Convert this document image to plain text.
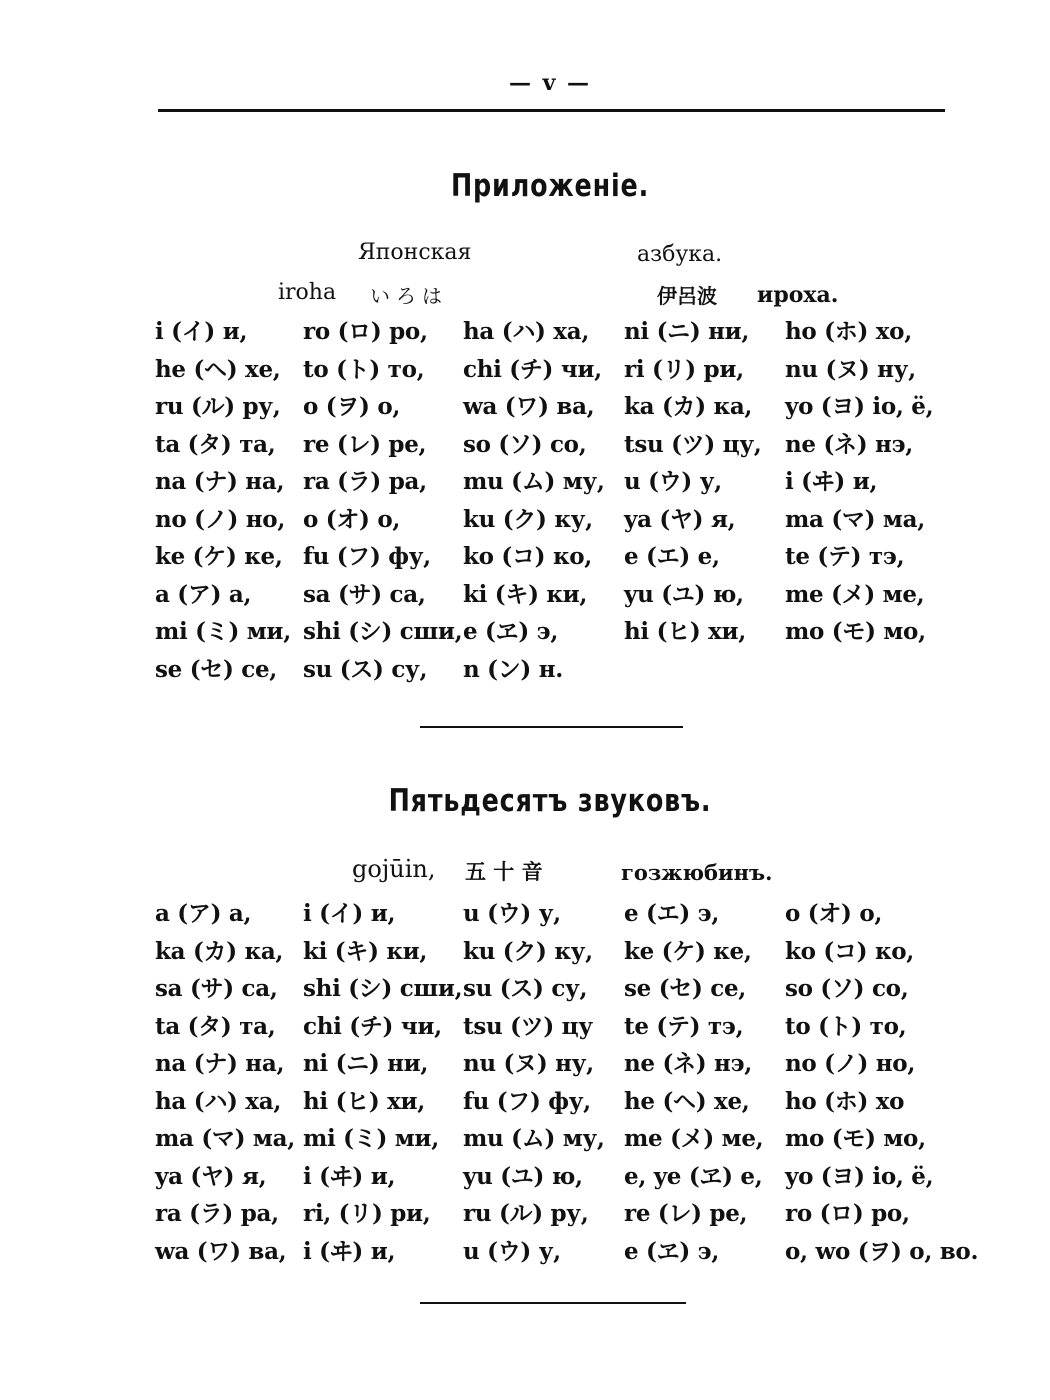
— v —
Приложенiе.
Японская	азбука.
iroha いろは	伊呂波 ироха.
i (イ) и, ro (ロ) ро, ha (ハ) ха, ni (ニ) ни, ho (ホ) хо,
he (ヘ) хе, to (ト) то, chi (チ) чи, ri (リ) ри, nu (ヌ) ну,
ru (ル) ру, o (ヲ) о,	wa (ワ) ва, ka (カ) ка, yo (ヨ) io, ё,
ta (タ) та, re (レ) ре, so (ソ) со, tsu (ツ) цу, ne (ネ) нэ,
na (ナ) на, ra (ラ) ра, mu (ム) му, u (ウ) у,	i (ヰ) и,
no (ノ) но, o (オ) о,	ku (ク) ку, ya (ヤ) я, ma (マ) ма,
ke (ケ) ке, fu (フ) фу, ko (コ) ко, e (エ) е,	te (テ) тэ,
a (ア) а, sa (サ) са, ki (キ) ки, yu (ユ) ю, me (メ) ме,
mi (ミ) ми, shi (シ) сши, e (ヱ) э,	hi (ヒ) хи, mo (モ) мо,
se (セ) се, su (ス) су, n (ン) н.
Пятьдесятъ звуковъ.
gojūin, 五 十 音	гозжюбинъ.
a (ア) а, i (イ) и,	u (ウ) у,	e (エ) э,	o (オ) о,
ka (カ) ка, ki (キ) ки, ku (ク) ку, ke (ケ) ке, ko (コ) ко,
sa (サ) са, shi (シ) сши, su (ス) су, se (セ) се, so (ソ) со,
ta (タ) та, chi (チ) чи, tsu (ツ) цу te (テ) тэ, to (ト) то,
na (ナ) на, ni (ニ) ни, nu (ヌ) ну, ne (ネ) нэ, no (ノ) но,
ha (ハ) ха, hi (ヒ) хи, fu (フ) фу, he (ヘ) хе, ho (ホ) хо
ma (マ) ма, mi (ミ) ми, mu (ム) му, me (メ) ме, mo (モ) мо,
ya (ヤ) я, i (ヰ) и,	yu (ユ) ю, e, ye (ヱ) е, yo (ヨ) io, ё,
ra (ラ) ра, ri, (リ) ри, ru (ル) ру, re (レ) ре, ro (ロ) ро,
wa (ワ) ва, i (ヰ) и,	u (ウ) у,	e (ヱ) э,	o, wo (ヲ) о, во.
